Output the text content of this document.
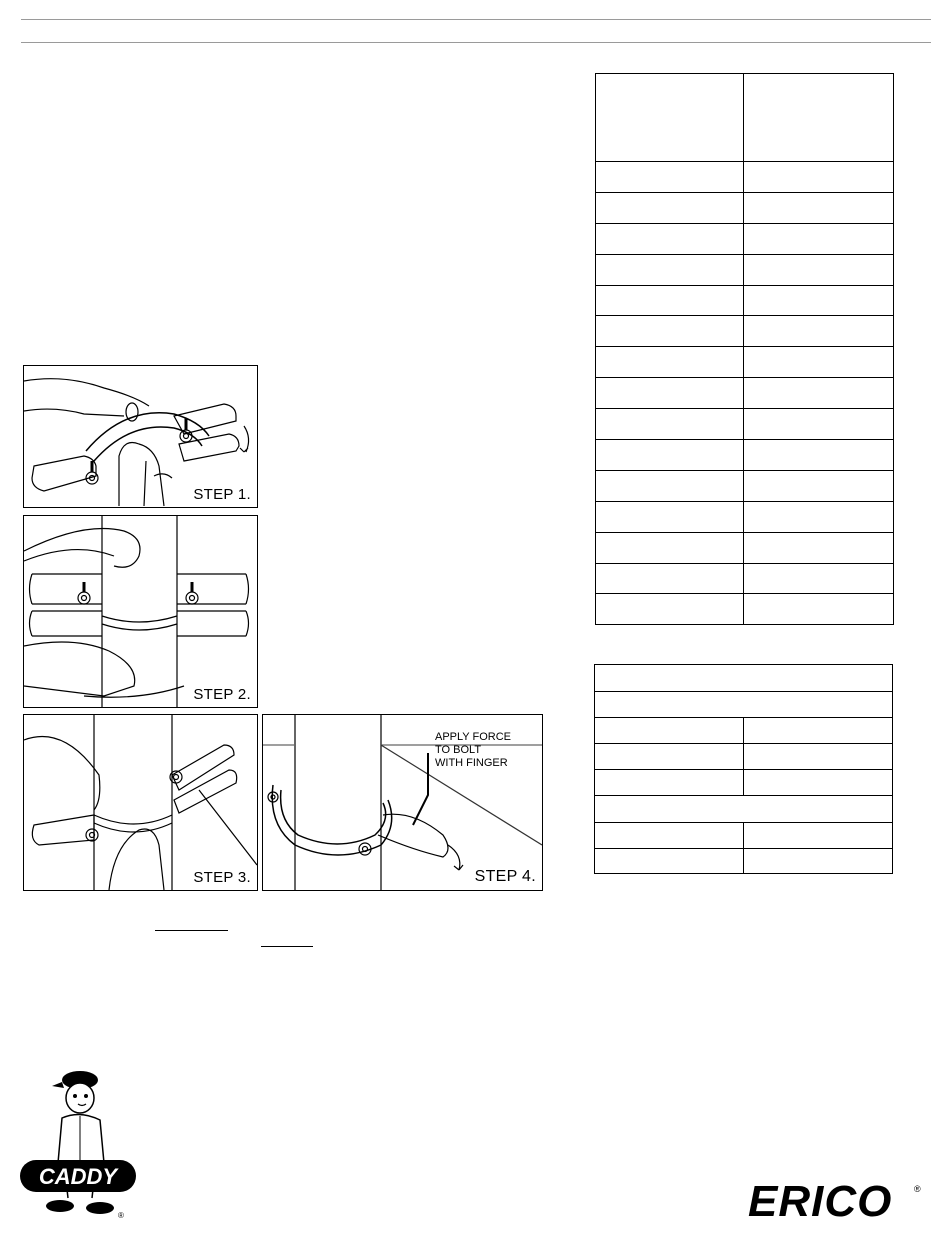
STEP 1.
STEP 2.
STEP 3.
APPLY FORCE
TO BOLT
WITH FINGER
STEP 4.

CADDY
®	ERICO ®
